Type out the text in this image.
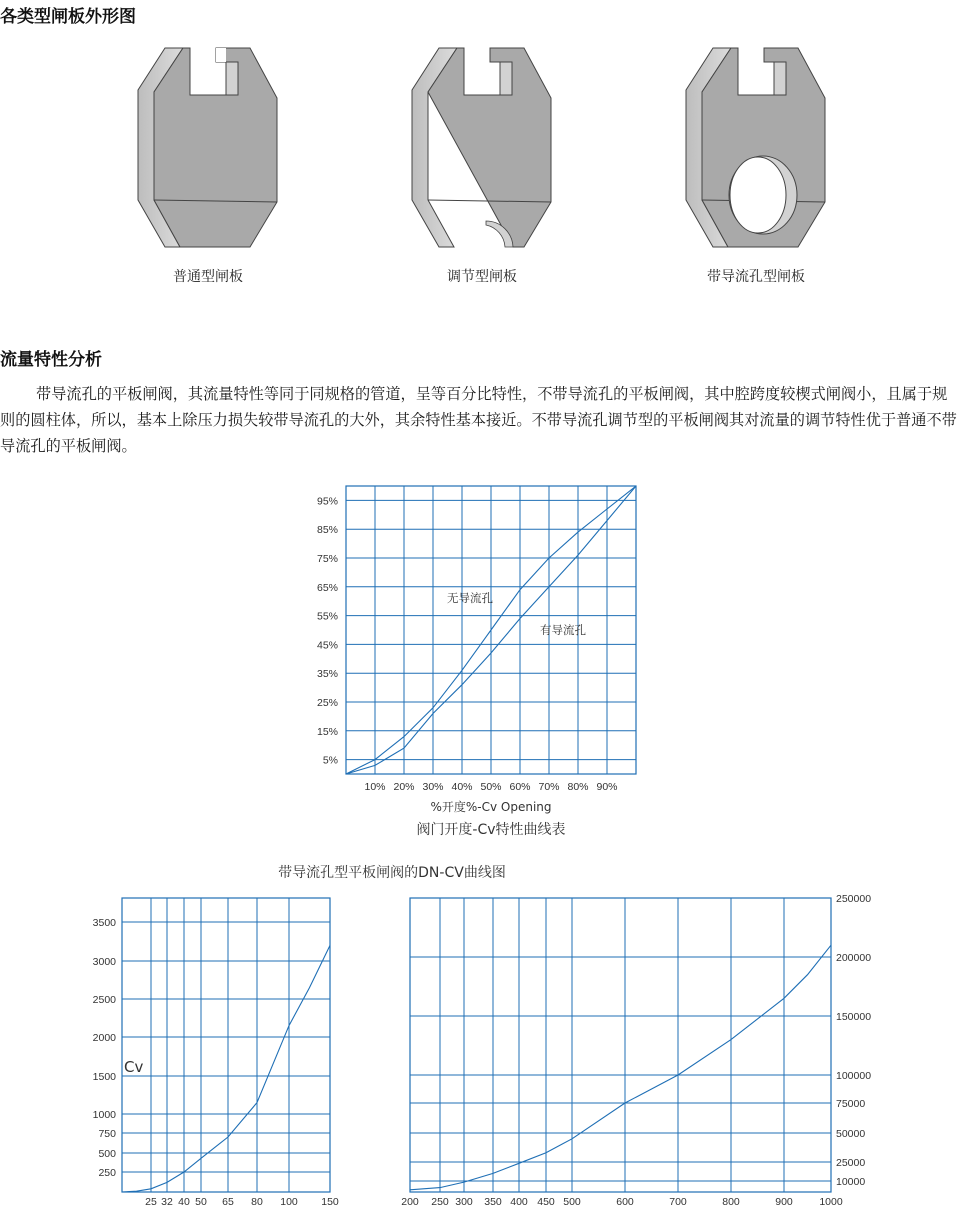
各类型闸板外形图
普通型闸板	调节型闸板	带导流孔型闸板
流量特性分析

带导流孔的平板闸阀，其流量特性等同于同规格的管道，呈等百分比特性，不带导流孔的平板闸阀，其中腔跨度较楔式闸阀小，且属于规则的圆柱体，所以，基本上除压力损失较带导流孔的大外，其余特性基本接近。不带导流孔调节型的平板闸阀其对流量的调节特性优于普通不带导流孔的平板闸阀。

95%
85%
75%
65%
55%
45%
35%
25%
15%
5%
10% 20% 30% 40% 50% 60% 70% 80% 90%
无导流孔
有导流孔
%开度%-Cv Opening
阀门开度-Cv特性曲线表
250
500
750
1000
1500
2000
2500
3000
3500
25 32 40 50 65 80 100 150
Cv
带导流孔型平板闸阀的DN-CV曲线图
10000
25000
50000
75000
100000
150000
200000
250000
200 250 300 350 400 450 500	600	700	800	900	1000
